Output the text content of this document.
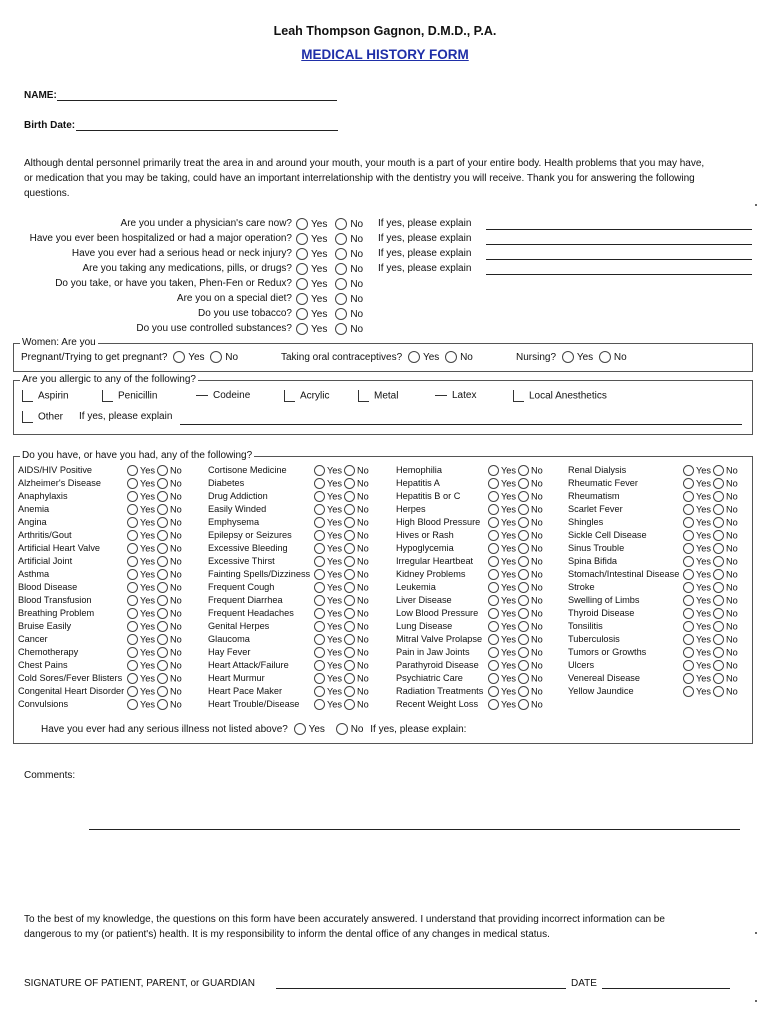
Leah Thompson Gagnon, D.M.D., P.A.
MEDICAL HISTORY FORM
NAME:
Birth Date:
Although dental personnel primarily treat the area in and around your mouth, your mouth is a part of your entire body. Health problems that you may have, or medication that you may be taking, could have an important interrelationship with the dentistry you will receive. Thank you for answering the following questions.
Are you under a physician's care now?	Yes No If yes, please explain
Have you ever been hospitalized or had a major operation?	Yes No If yes, please explain
Have you ever had a serious head or neck injury?	Yes No If yes, please explain
Are you taking any medications, pills, or drugs?	Yes No If yes, please explain
Do you take, or have you taken, Phen-Fen or Redux?	Yes No
Are you on a special diet?	Yes No
Do you use tobacco?	Yes No
Do you use controlled substances?	Yes No
Women: Are you
Pregnant/Trying to get pregnant? Yes No	Taking oral contraceptives? Yes No	Nursing? Yes No
Are you allergic to any of the following?
Aspirin	Penicillin	Codeine	Acrylic	Metal	Latex	Local Anesthetics
Other If yes, please explain
Do you have, or have you had, any of the following?
AIDS/HIV Positive	Yes No
Alzheimer's Disease	Yes No
Anaphylaxis	Yes No
Anemia	Yes No
Angina	Yes No
Arthritis/Gout	Yes No
Artificial Heart Valve	Yes No
Artificial Joint	Yes No
Asthma	Yes No
Blood Disease	Yes No
Blood Transfusion	Yes No
Breathing Problem	Yes No
Bruise Easily	Yes No
Cancer	Yes No
Chemotherapy	Yes No
Chest Pains	Yes No
Cold Sores/Fever Blisters	Yes No
Congenital Heart Disorder	Yes No
Convulsions	Yes No
Cortisone Medicine	Yes No
Diabetes	Yes No
Drug Addiction	Yes No
Easily Winded	Yes No
Emphysema	Yes No
Epilepsy or Seizures	Yes No
Excessive Bleeding	Yes No
Excessive Thirst	Yes No
Fainting Spells/Dizziness	Yes No
Frequent Cough	Yes No
Frequent Diarrhea	Yes No
Frequent Headaches	Yes No
Genital Herpes	Yes No
Glaucoma	Yes No
Hay Fever	Yes No
Heart Attack/Failure	Yes No
Heart Murmur	Yes No
Heart Pace Maker	Yes No
Heart Trouble/Disease	Yes No
Hemophilia	Yes No
Hepatitis A	Yes No
Hepatitis B or C	Yes No
Herpes	Yes No
High Blood Pressure	Yes No
Hives or Rash	Yes No
Hypoglycemia	Yes No
Irregular Heartbeat	Yes No
Kidney Problems	Yes No
Leukemia	Yes No
Liver Disease	Yes No
Low Blood Pressure	Yes No
Lung Disease	Yes No
Mitral Valve Prolapse	Yes No
Pain in Jaw Joints	Yes No
Parathyroid Disease	Yes No
Psychiatric Care	Yes No
Radiation Treatments	Yes No
Recent Weight Loss	Yes No
Renal Dialysis	Yes No
Rheumatic Fever	Yes No
Rheumatism	Yes No
Scarlet Fever	Yes No
Shingles	Yes No
Sickle Cell Disease	Yes No
Sinus Trouble	Yes No
Spina Bifida	Yes No
Stomach/Intestinal Disease	Yes No
Stroke	Yes No
Swelling of Limbs	Yes No
Thyroid Disease	Yes No
Tonsilitis	Yes No
Tuberculosis	Yes No
Tumors or Growths	Yes No
Ulcers	Yes No
Venereal Disease	Yes No
Yellow Jaundice	Yes No
Have you ever had any serious illness not listed above? Yes	No If yes, please explain:
Comments:
To the best of my knowledge, the questions on this form have been accurately answered. I understand that providing incorrect information can be dangerous to my (or patient's) health. It is my responsibility to inform the dental office of any changes in medical status.
SIGNATURE OF PATIENT, PARENT, or GUARDIAN	DATE
